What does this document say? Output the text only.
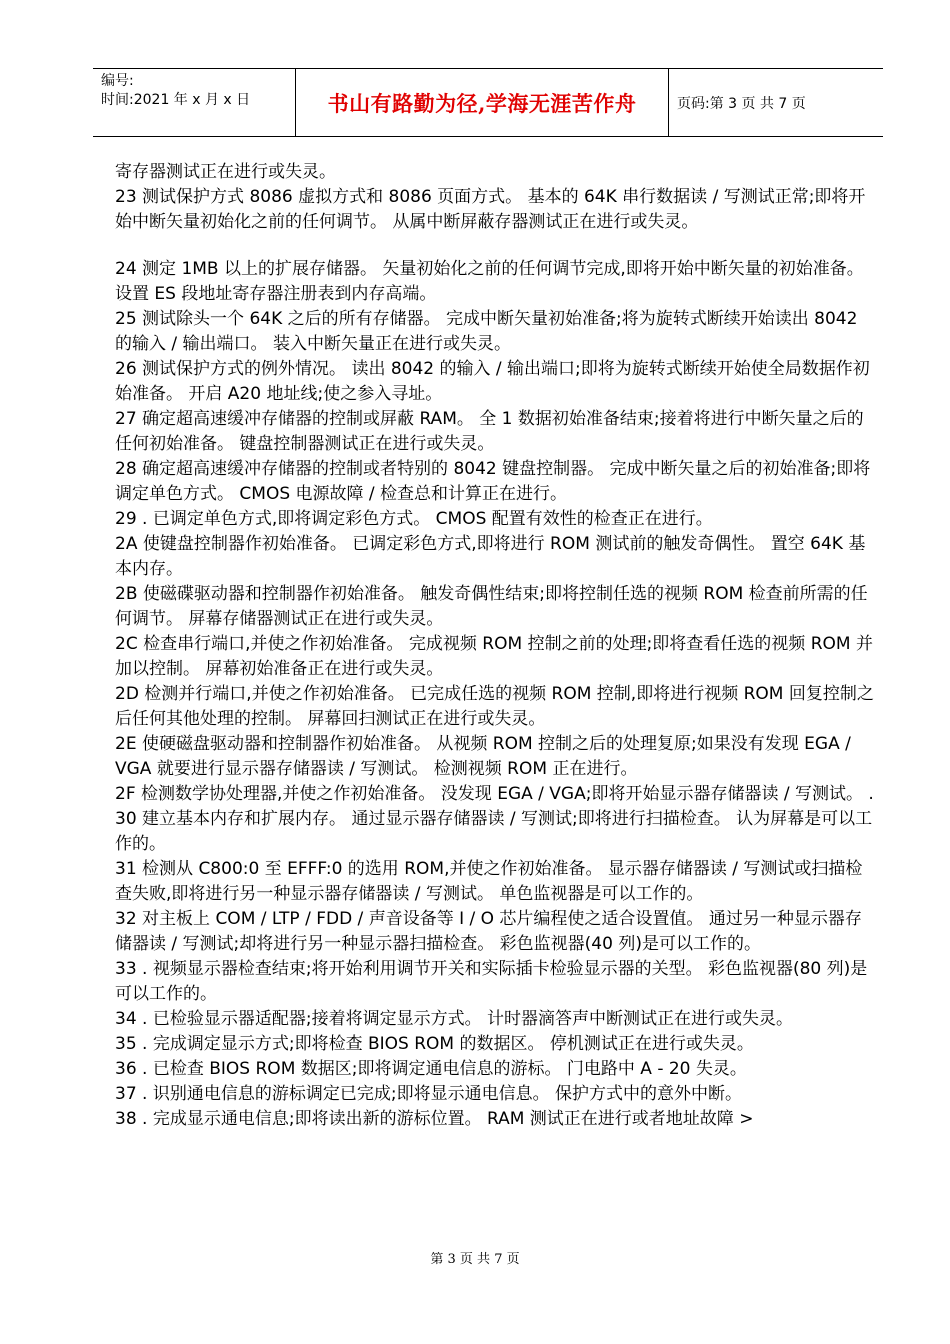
编号:
时间:2021 年 x 月 x 日	书山有路勤为径,学海无涯苦作舟	页码:第 3 页 共 7 页

寄存器测试正在进行或失灵。

23 测试保护方式 8086 虚拟方式和 8086 页面方式。 基本的 64K 串行数据读 / 写测试正常;即将开始中断矢量初始化之前的任何调节。 从属中断屏蔽存器测试正在进行或失灵。

24 测定 1MB 以上的扩展存储器。 矢量初始化之前的任何调节完成,即将开始中断矢量的初始准备。 设置 ES 段地址寄存器注册表到内存高端。

25 测试除头一个 64K 之后的所有存储器。 完成中断矢量初始准备;将为旋转式断续开始读出 8042 的输入 / 输出端口。 装入中断矢量正在进行或失灵。

26 测试保护方式的例外情况。 读出 8042 的输入 / 输出端口;即将为旋转式断续开始使全局数据作初始准备。 开启 A20 地址线;使之参入寻址。

27 确定超高速缓冲存储器的控制或屏蔽 RAM。 全 1 数据初始准备结束;接着将进行中断矢量之后的任何初始准备。 键盘控制器测试正在进行或失灵。

28 确定超高速缓冲存储器的控制或者特别的 8042 键盘控制器。 完成中断矢量之后的初始准备;即将调定单色方式。 CMOS 电源故障 / 检查总和计算正在进行。

29 . 已调定单色方式,即将调定彩色方式。 CMOS 配置有效性的检查正在进行。

2A 使键盘控制器作初始准备。 已调定彩色方式,即将进行 ROM 测试前的触发奇偶性。 置空 64K 基本内存。

2B 使磁碟驱动器和控制器作初始准备。 触发奇偶性结束;即将控制任选的视频 ROM 检查前所需的任何调节。 屏幕存储器测试正在进行或失灵。

2C 检查串行端口,并使之作初始准备。 完成视频 ROM 控制之前的处理;即将查看任选的视频 ROM 并加以控制。 屏幕初始准备正在进行或失灵。

2D 检测并行端口,并使之作初始准备。 已完成任选的视频 ROM 控制,即将进行视频 ROM 回复控制之后任何其他处理的控制。 屏幕回扫测试正在进行或失灵。

2E 使硬磁盘驱动器和控制器作初始准备。 从视频 ROM 控制之后的处理复原;如果没有发现 EGA / VGA 就要进行显示器存储器读 / 写测试。 检测视频 ROM 正在进行。

2F 检测数学协处理器,并使之作初始准备。 没发现 EGA / VGA;即将开始显示器存储器读 / 写测试。 .

30 建立基本内存和扩展内存。 通过显示器存储器读 / 写测试;即将进行扫描检查。 认为屏幕是可以工作的。

31 检测从 C800:0 至 EFFF:0 的选用 ROM,并使之作初始准备。 显示器存储器读 / 写测试或扫描检查失败,即将进行另一种显示器存储器读 / 写测试。 单色监视器是可以工作的。

32 对主板上 COM / LTP / FDD / 声音设备等 I / O 芯片编程使之适合设置值。 通过另一种显示器存储器读 / 写测试;却将进行另一种显示器扫描检查。 彩色监视器(40 列)是可以工作的。

33 . 视频显示器检查结束;将开始利用调节开关和实际插卡检验显示器的关型。 彩色监视器(80 列)是可以工作的。

34 . 已检验显示器适配器;接着将调定显示方式。 计时器滴答声中断测试正在进行或失灵。

35 . 完成调定显示方式;即将检查 BIOS ROM 的数据区。 停机测试正在进行或失灵。

36 . 已检查 BIOS ROM 数据区;即将调定通电信息的游标。 门电路中 A - 20 失灵。

37 . 识别通电信息的游标调定已完成;即将显示通电信息。 保护方式中的意外中断。

38 . 完成显示通电信息;即将读出新的游标位置。 RAM 测试正在进行或者地址故障 >

第 3 页 共 7 页
